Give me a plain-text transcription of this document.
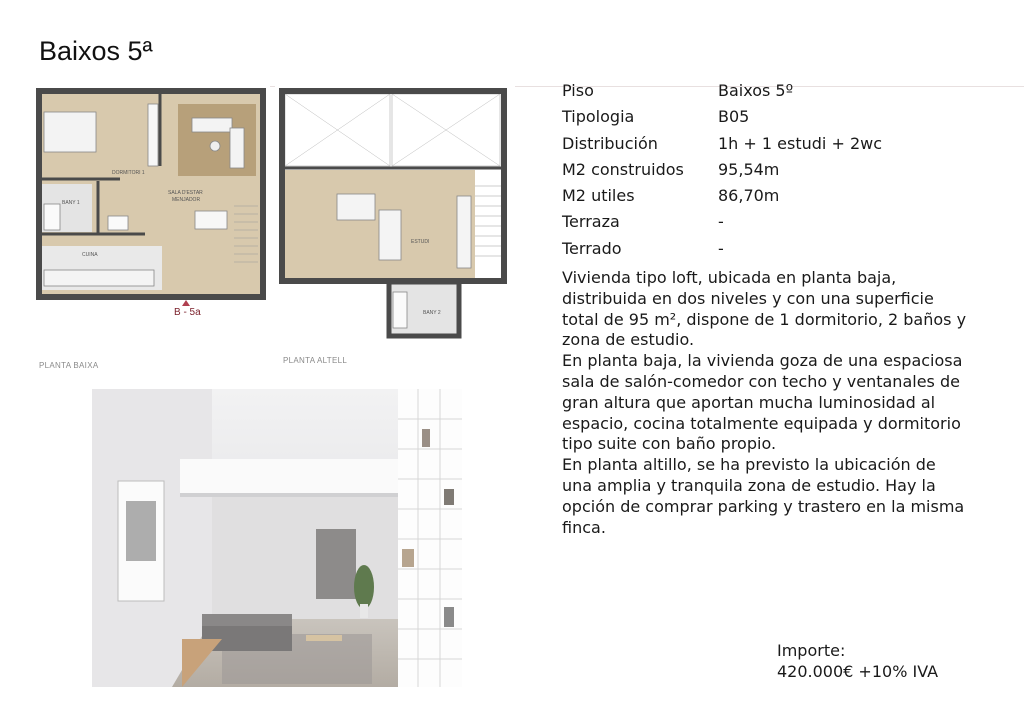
Baixos 5ª
DORMITORI 1
SALA D'ESTAR
MENJADOR
BANY 1
CUINA
B - 5a
PLANTA BAIXA
ESTUDI
BANY 2
PLANTA ALTELL
Piso	Baixos 5º
Tipologia	B05
Distribución	1h + 1 estudi + 2wc
M2 construidos	95,54m
M2 utiles	86,70m
Terraza	-
Terrado	-

Vivienda tipo loft, ubicada en planta baja, distribuida en dos niveles y con una superficie total de 95 m², dispone de 1 dormitorio, 2 baños y zona de estudio.

En planta baja, la vivienda goza de una espaciosa sala de salón-comedor con techo y ventanales de gran altura que aportan mucha luminosidad al espacio, cocina totalmente equipada y dormitorio tipo suite con baño propio.

En planta altillo, se ha previsto la ubicación de una amplia y tranquila zona de estudio. Hay la opción de comprar parking y trastero en la misma finca.

Importe:
420.000€ +10% IVA
